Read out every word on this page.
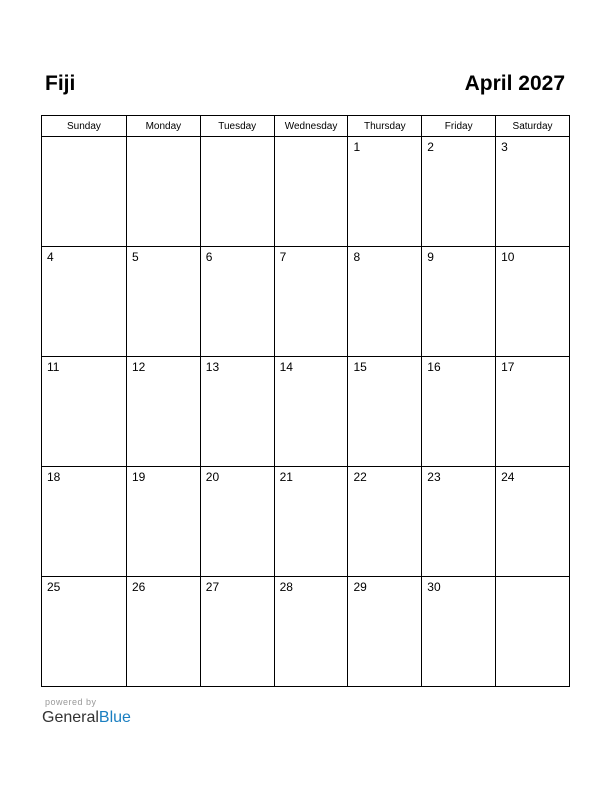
Fiji	April 2027
Sunday	Monday	Tuesday	Wednesday	Thursday	Friday	Saturday

				1	2	3

4	5	6	7	8	9	10

11	12	13	14	15	16	17

18	19	20	21	22	23	24

25	26	27	28	29	30	

powered by
GeneralBlue
